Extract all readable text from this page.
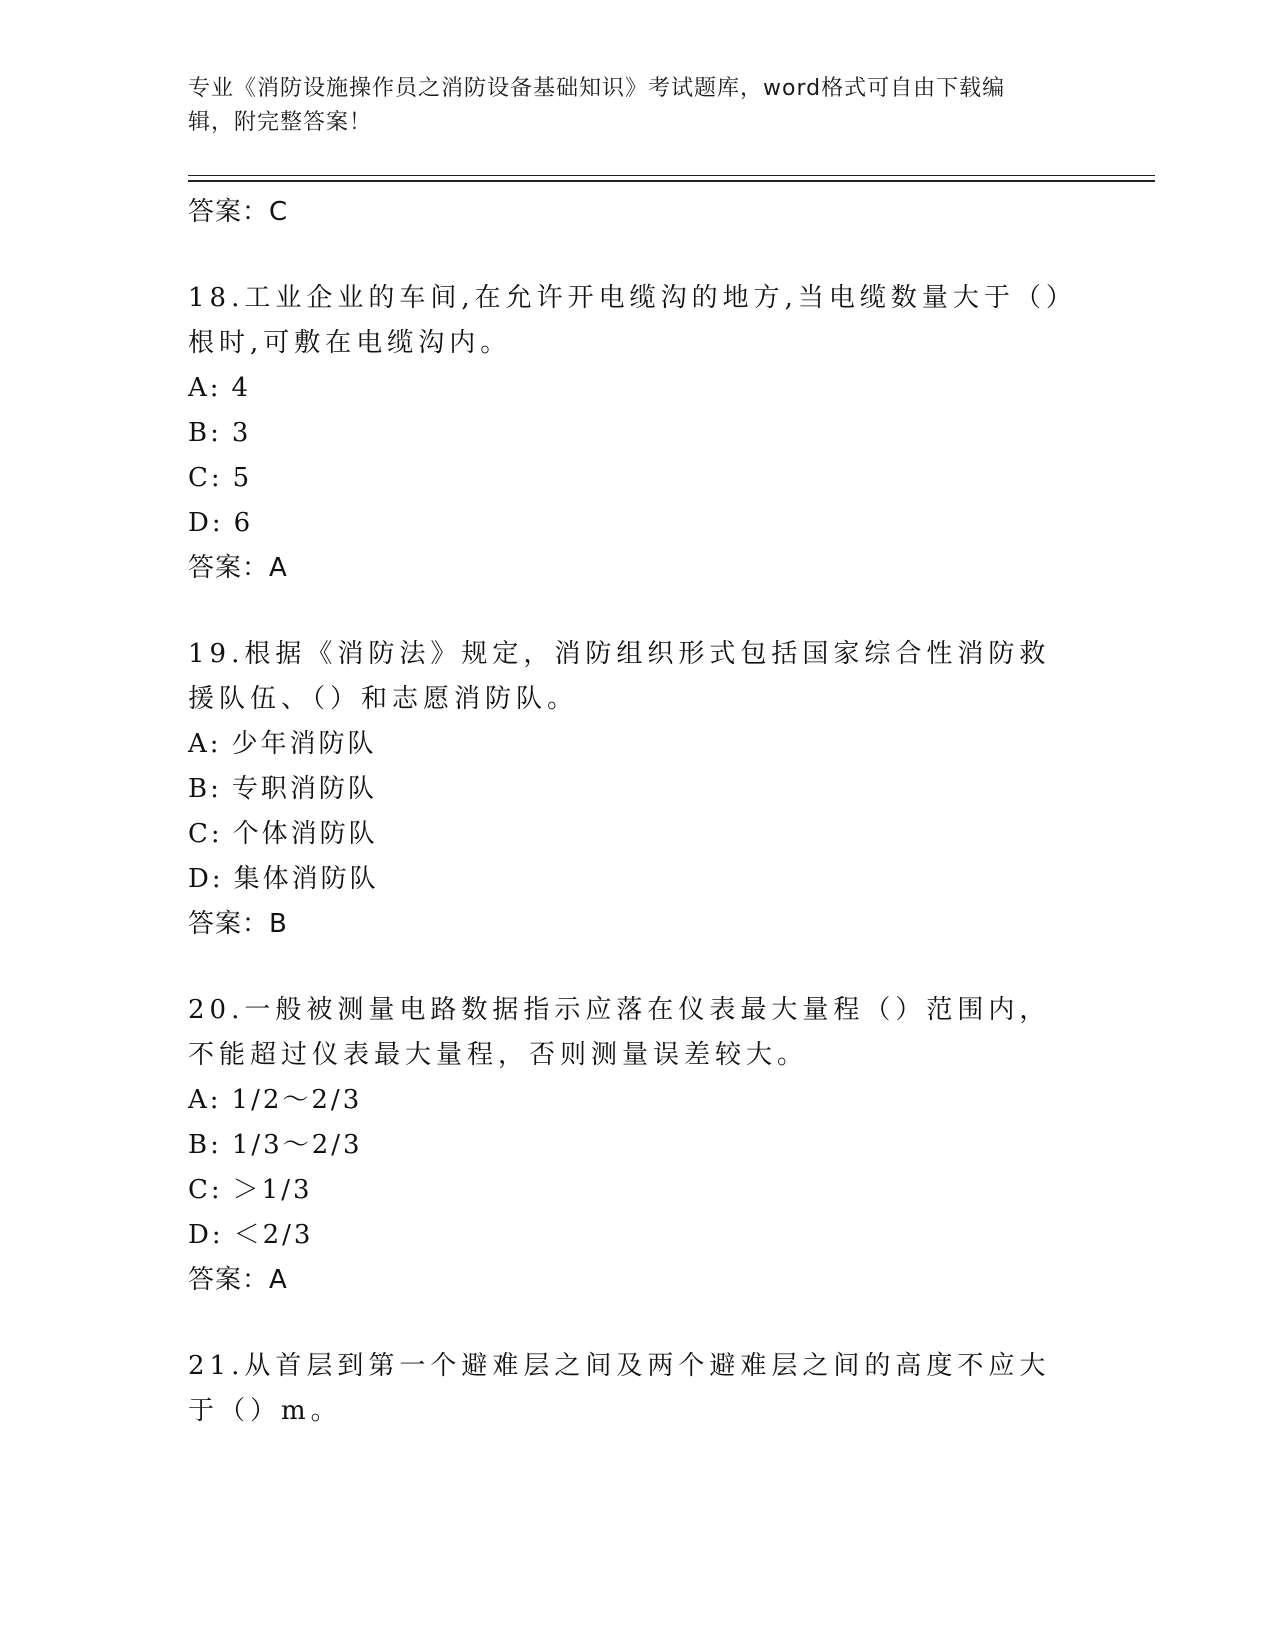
专业《消防设施操作员之消防设备基础知识》考试题库，word格式可自由下载编
辑，附完整答案！
答案：C
18.工业企业的车间,在允许开电缆沟的地方,当电缆数量大于（）根时,可敷在电缆沟内。
A: 4
B: 3
C: 5
D: 6
答案：A
19.根据《消防法》规定，消防组织形式包括国家综合性消防救援队伍、（）和志愿消防队。
A: 少年消防队
B: 专职消防队
C: 个体消防队
D: 集体消防队
答案：B
20.一般被测量电路数据指示应落在仪表最大量程（）范围内，不能超过仪表最大量程，否则测量误差较大。
A: 1/2～2/3
B: 1/3～2/3
C: ＞1/3
D: ＜2/3
答案：A
21.从首层到第一个避难层之间及两个避难层之间的高度不应大于（）m。
